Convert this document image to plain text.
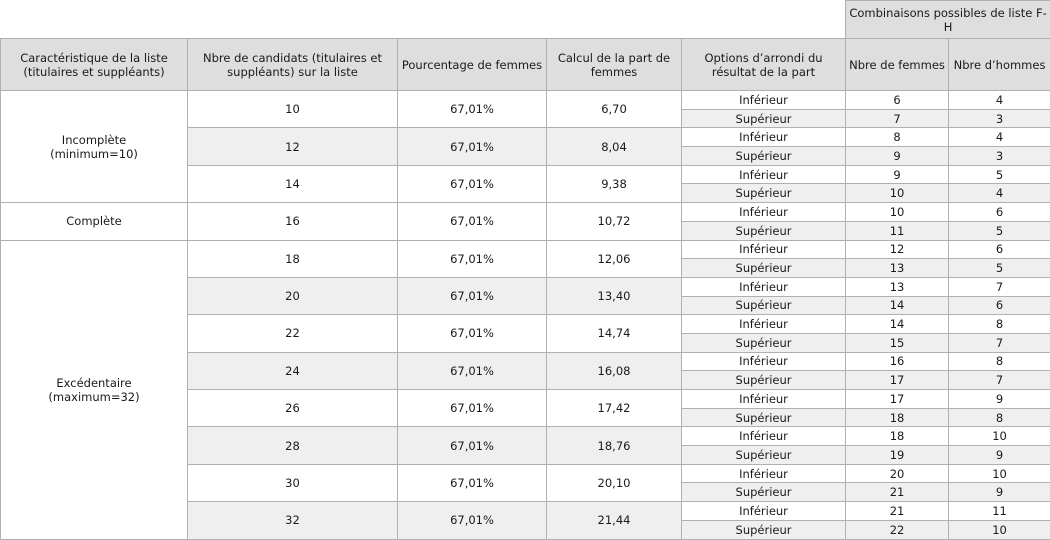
					Combinaisons possibles de liste F-H	
Caractéristique de la liste (titulaires et suppléants)	Nbre de candidats (titulaires et suppléants) sur la liste	Pourcentage de femmes	Calcul de la part de femmes	Options d’arrondi du résultat de la part	Nbre de femmes	Nbre d’hommes

Incomplète
(minimum=10)	10	67,01%	6,70	Inférieur	6	4
				Supérieur	7	3
	12	67,01%	8,04	Inférieur	8	4
				Supérieur	9	3
	14	67,01%	9,38	Inférieur	9	5
				Supérieur	10	4

Complète	16	67,01%	10,72	Inférieur	10	6
				Supérieur	11	5

Excédentaire
(maximum=32)	18	67,01%	12,06	Inférieur	12	6
				Supérieur	13	5
	20	67,01%	13,40	Inférieur	13	7
				Supérieur	14	6
	22	67,01%	14,74	Inférieur	14	8
				Supérieur	15	7
	24	67,01%	16,08	Inférieur	16	8
				Supérieur	17	7
	26	67,01%	17,42	Inférieur	17	9
				Supérieur	18	8
	28	67,01%	18,76	Inférieur	18	10
				Supérieur	19	9
	30	67,01%	20,10	Inférieur	20	10
				Supérieur	21	9
	32	67,01%	21,44	Inférieur	21	11
				Supérieur	22	10
